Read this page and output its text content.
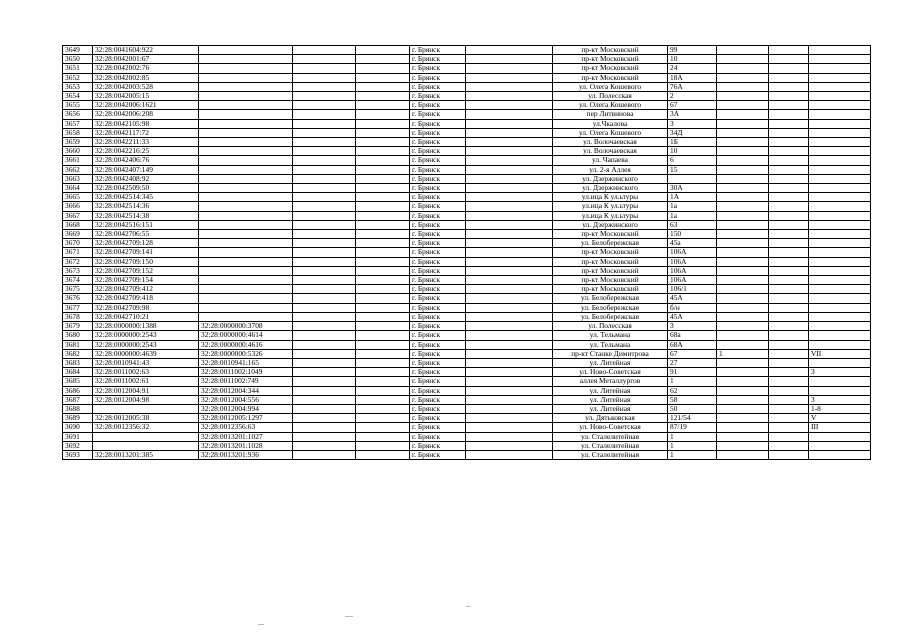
3649	32:28:0041604:922				г. Брянск		пр-кт Московский	99			
3650	32:28:0042001:67				г. Брянск		пр-кт Московский	10			
3651	32:28:0042002:76				г. Брянск		пр-кт Московский	24			
3652	32:28:0042002:85				г. Брянск		пр-кт Московский	18А			
3653	32:28:0042003:528				г. Брянск		ул. Олега Кошевого	76А			
3654	32:28:0042005:15				г. Брянск		ул. Полесская	2			
3655	32:28:0042006:1621				г. Брянск		ул. Олега Кошевого	67			
3656	32:28:0042006:208				г. Брянск		пер Литвинова	3А			
3657	32:28:0042105:98				г. Брянск		ул.Чкалова	3			
3658	32:28:0042117:72				г. Брянск		ул. Олега Кошевого	34Д			
3659	32:28:0042211:33				г. Брянск		ул. Волочаевская	1Б			
3660	32:28:0042216:25				г. Брянск		ул. Волочаевская	10			
3661	32:28:0042406:76				г. Брянск		ул. Чапаева	6			
3662	32:28:0042407:149				г. Брянск		ул. 2-я Аллея	15			
3663	32:28:0042408:92				г. Брянск		ул. Дзержинского				
3664	32:28:0042509:50				г. Брянск		ул. Дзержинского	30А			
3665	32:28:0042514:345				г. Брянск		ул.ица К ул.ьтуры	1А			
3666	32:28:0042514:36				г. Брянск		ул.ица К ул.ьтуры	1а			
3667	32:28:0042514:38				г. Брянск		ул.ица К ул.ьтуры	1а			
3668	32:28:0042516:151				г. Брянск		ул. Дзержинского	63			
3669	32:28:0042706:55				г. Брянск		пр-кт Московский	150			
3670	32:28:0042709:128				г. Брянск		ул. Белобережская	45а			
3671	32:28:0042709:141				г. Брянск		пр-кт Московский	106А			
3672	32:28:0042709:150				г. Брянск		пр-кт Московский	106А			
3673	32:28:0042709:152				г. Брянск		пр-кт Московский	106А			
3674	32:28:0042709:154				г. Брянск		пр-кт Московский	106А			
3675	32:28:0042709:412				г. Брянск		пр-кт Московский	106/1			
3676	32:28:0042709:418				г. Брянск		ул. Белобережская	45А			
3677	32:28:0042709:98				г. Брянск		ул. Белобережская	б/н			
3678	32:28:0042710:21				г. Брянск		ул. Белобережская	45А			
3679	32:28:0000000:1388	32:28:0000000:3708			г. Брянск		ул. Полесская	3			
3680	32:28:0000000:2543	32:28:0000000:4614			г. Брянск		ул. Тельмана	68а			
3681	32:28:0000000:2543	32:28:0000000:4616			г. Брянск		ул. Тельмана	68А			
3682	32:28:0000000:4639	32:28:0000000:5326			г. Брянск		пр-кт Станке Димитрова	67	1		VII
3683	32:28:0010941:43	32:28:0010941:165			г. Брянск		ул. Литейная	27			
3684	32:28:0011002:63	32:28:0011002:1049			г. Брянск		ул. Ново-Советская	91			3
3685	32:28:0011002:61	32:28:0011002:749			г. Брянск		аллея Металлургов	1			
3686	32:28:0012004:91	32:28:0012004:344			г. Брянск		ул. Литейная	62			
3687	32:28:0012004:98	32:28:0012004:556			г. Брянск		ул. Литейная	58			3
3688		32:28:0012004:994			г. Брянск		ул. Литейная	50			1-8
3689	32:28:0012005:38	32:28:0012005:1297			г. Брянск		ул. Дятьковская	121/54			V
3690	32:28:0012356:32	32:28:0012356:63			г. Брянск		ул. Ново-Советская	87/19			III
3691		32:28:0013201:1027			г. Брянск		ул. Сталелитейная	1			
3692		32:28:0013201:1028			г. Брянск		ул. Сталелитейная	1			
3693	32:28:0013201:385	32:28:0013201:936			г. Брянск		ул. Сталелитейная	1			
